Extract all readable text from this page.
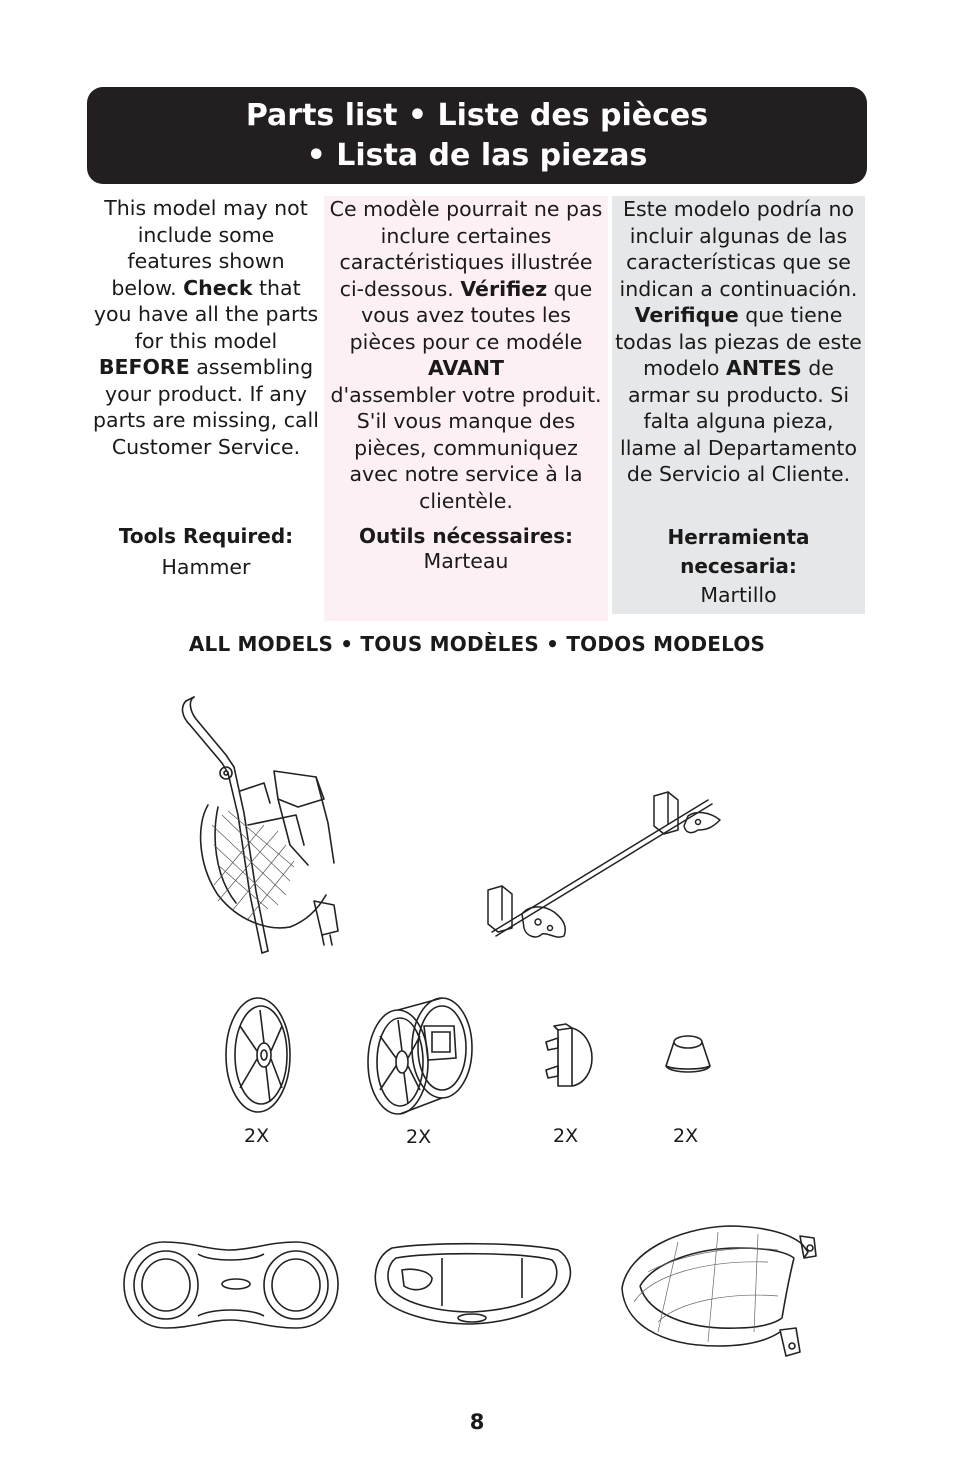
Parts list • Liste des pièces
• Lista de las piezas

This model may not include some features shown below. Check that you have all the parts for this model BEFORE assembling your product. If any parts are missing, call Customer Service.

Tools Required:
Hammer

Ce modèle pourrait ne pas inclure certaines caractéristiques illustrée ci-dessous. Vérifiez que vous avez toutes les pièces pour ce modéle
AVANT
d'assembler votre produit. S'il vous manque des pièces, communiquez avec notre service à la clientèle.

Outils nécessaires:
Marteau

Este modelo podría no incluir algunas de las características que se indican a continuación. Verifique que tiene todas las piezas de este modelo ANTES de armar su producto. Si falta alguna pieza, llame al Departamento de Servicio al Cliente.

Herramienta necesaria:
Martillo
ALL MODELS • TOUS MODÈLES • TODOS MODELOS
2X	2X	2X	2X
8
